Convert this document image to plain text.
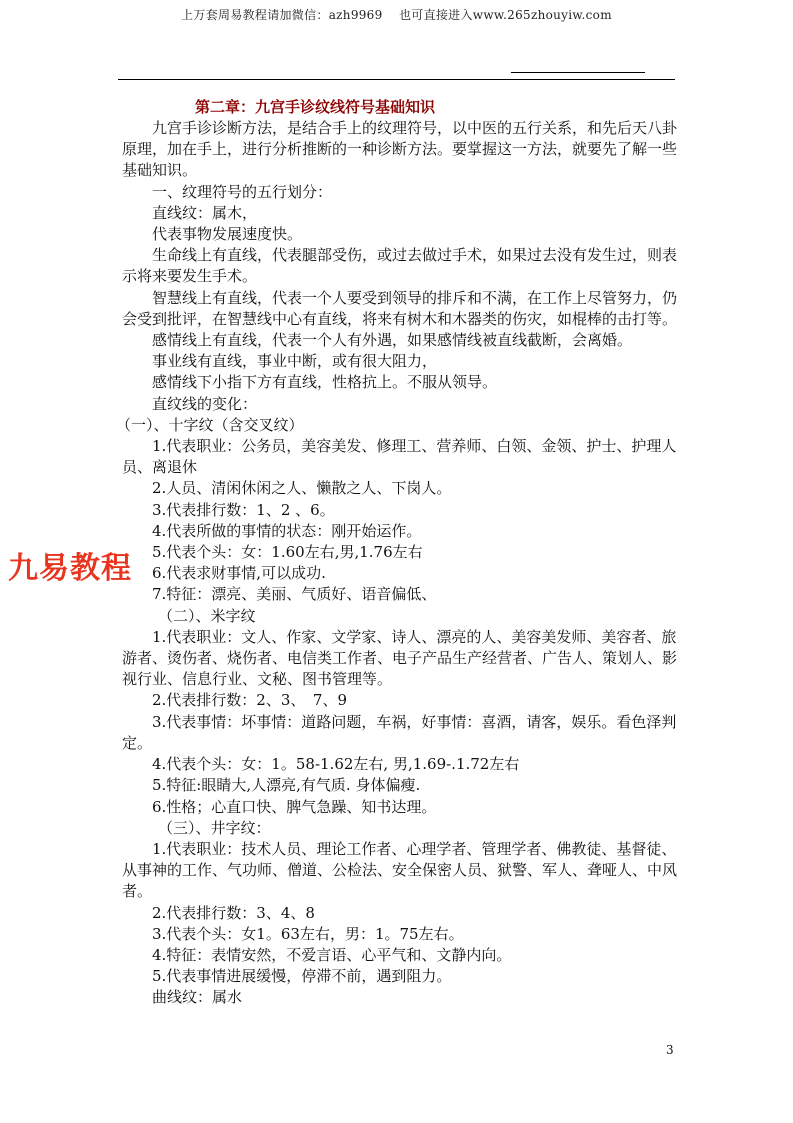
上万套周易教程请加微信：azh9969　 也可直接进入www.265zhouyiw.com
第二章：九宫手诊纹线符号基础知识

九宫手诊诊断方法，是结合手上的纹理符号，以中医的五行关系，和先后天八卦原理，加在手上，进行分析推断的一种诊断方法。要掌握这一方法，就要先了解一些基础知识。

一、纹理符号的五行划分：

直线纹：属木，

代表事物发展速度快。

生命线上有直线，代表腿部受伤，或过去做过手术，如果过去没有发生过，则表示将来要发生手术。

智慧线上有直线，代表一个人要受到领导的排斥和不满，在工作上尽管努力，仍会受到批评，在智慧线中心有直线，将来有树木和木器类的伤灾，如棍棒的击打等。

感情线上有直线，代表一个人有外遇，如果感情线被直线截断，会离婚。

事业线有直线，事业中断，或有很大阻力，

感情线下小指下方有直线，性格抗上。不服从领导。

直纹线的变化：

（一）、十字纹（含交叉纹）

1.代表职业：公务员，美容美发、修理工、营养师、白领、金领、护士、护理人员、离退休

2.人员、清闲休闲之人、懒散之人、下岗人。

3.代表排行数：1、2 、6。

4.代表所做的事情的状态：刚开始运作。

5.代表个头：女：1.60左右,男,1.76左右

6.代表求财事情,可以成功.

7.特征：漂亮、美丽、气质好、语音偏低、

（二）、米字纹

1.代表职业：文人、作家、文学家、诗人、漂亮的人、美容美发师、美容者、旅游者、烫伤者、烧伤者、电信类工作者、电子产品生产经营者、广告人、策划人、影视行业、信息行业、文秘、图书管理等。

2.代表排行数：2、3、　7、9

3.代表事情：坏事情：道路问题，车祸，好事情：喜酒，请客，娱乐。看色泽判定。

4.代表个头：女：1。58-1.62左右, 男,1.69-.1.72左右

5.特征:眼睛大,人漂亮,有气质. 身体偏瘦.

6.性格；心直口快、脾气急躁、知书达理。

（三）、井字纹：

1.代表职业：技术人员、理论工作者、心理学者、管理学者、佛教徒、基督徒、从事神的工作、气功师、僧道、公检法、安全保密人员、狱警、军人、聋哑人、中风者。

2.代表排行数：3、4、8

3.代表个头：女1。63左右，男：1。75左右。

4.特征：表情安然，不爱言语、心平气和、文静内向。

5.代表事情进展缓慢，停滞不前，遇到阻力。

曲线纹：属水

九易教程
3
